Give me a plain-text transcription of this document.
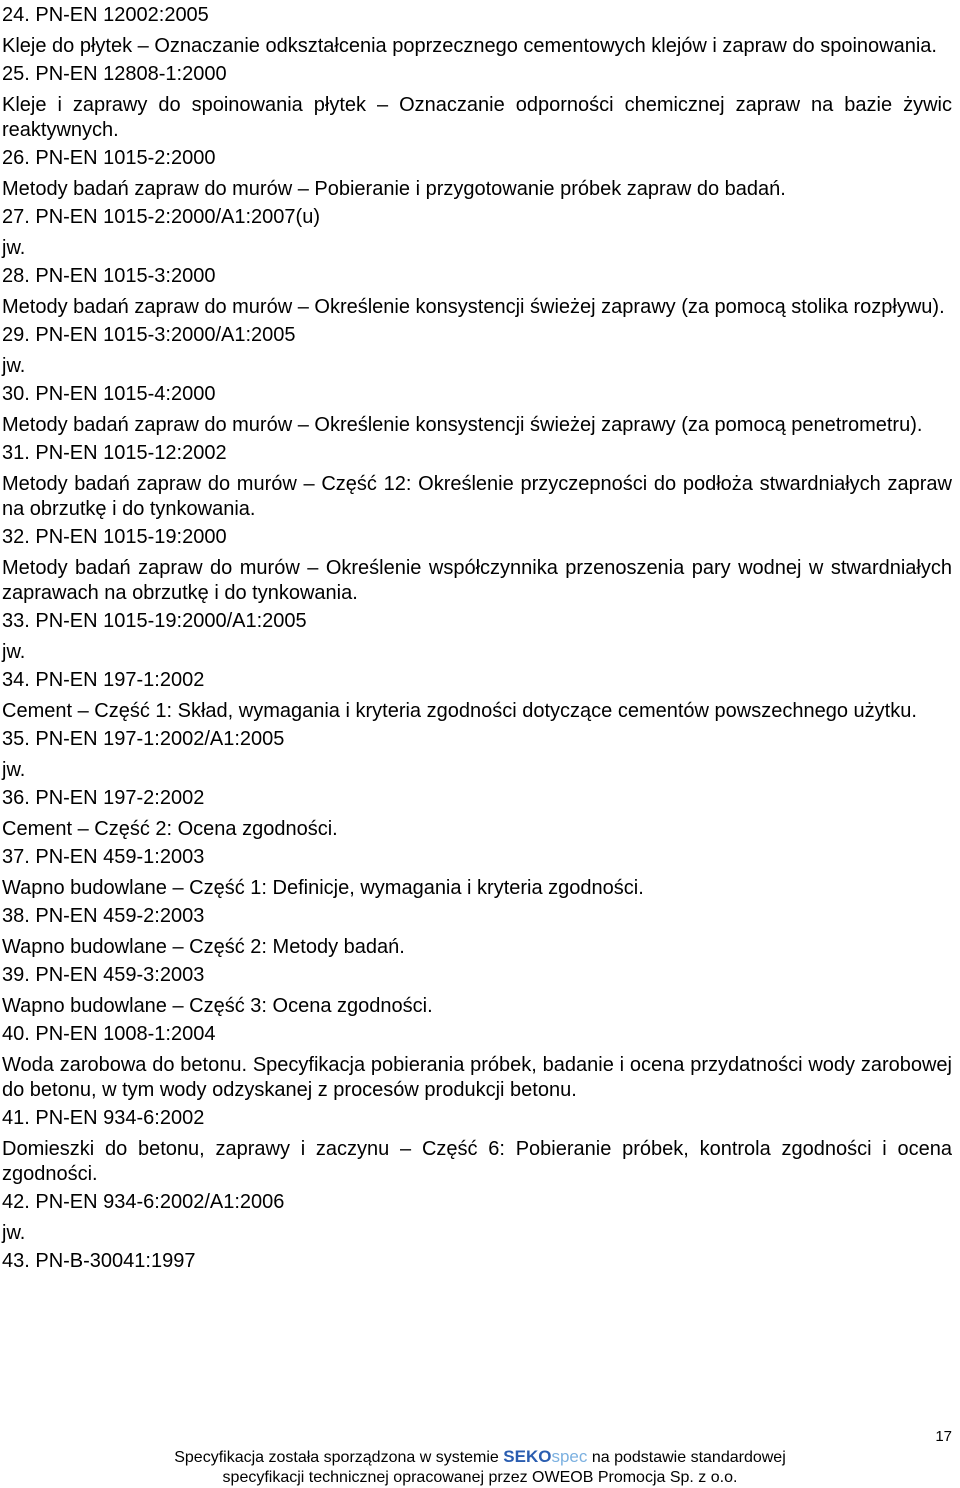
24. PN-EN 12002:2005
Kleje do płytek – Oznaczanie odkształcenia poprzecznego cementowych klejów i zapraw do spoinowania.
25. PN-EN 12808-1:2000
Kleje i zaprawy do spoinowania płytek – Oznaczanie odporności chemicznej zapraw na bazie żywic reaktywnych.
26. PN-EN 1015-2:2000
Metody badań zapraw do murów – Pobieranie i przygotowanie próbek zapraw do badań.
27. PN-EN 1015-2:2000/A1:2007(u)
jw.
28. PN-EN 1015-3:2000
Metody badań zapraw do murów – Określenie konsystencji świeżej zaprawy (za pomocą stolika rozpływu).
29. PN-EN 1015-3:2000/A1:2005
jw.
30. PN-EN 1015-4:2000
Metody badań zapraw do murów – Określenie konsystencji świeżej zaprawy (za pomocą penetrometru).
31. PN-EN 1015-12:2002
Metody badań zapraw do murów – Część 12: Określenie przyczepności do podłoża stwardniałych zapraw na obrzutkę i do tynkowania.
32. PN-EN 1015-19:2000
Metody badań zapraw do murów – Określenie współczynnika przenoszenia pary wodnej w stwardniałych zaprawach na obrzutkę i do tynkowania.
33. PN-EN 1015-19:2000/A1:2005
jw.
34. PN-EN 197-1:2002
Cement – Część 1: Skład, wymagania i kryteria zgodności dotyczące cementów powszechnego użytku.
35. PN-EN 197-1:2002/A1:2005
jw.
36. PN-EN 197-2:2002
Cement – Część 2: Ocena zgodności.
37. PN-EN 459-1:2003
Wapno budowlane – Część 1: Definicje, wymagania i kryteria zgodności.
38. PN-EN 459-2:2003
Wapno budowlane – Część 2: Metody badań.
39. PN-EN 459-3:2003
Wapno budowlane – Część 3: Ocena zgodności.
40. PN-EN 1008-1:2004
Woda zarobowa do betonu. Specyfikacja pobierania próbek, badanie i ocena przydatności wody zarobowej do betonu, w tym wody odzyskanej z procesów produkcji betonu.
41. PN-EN 934-6:2002
Domieszki do betonu, zaprawy i zaczynu – Część 6: Pobieranie próbek, kontrola zgodności i ocena zgodności.
42. PN-EN 934-6:2002/A1:2006
jw.
43. PN-B-30041:1997
17
Specyfikacja została sporządzona w systemie SEKOspec na podstawie standardowej
specyfikacji technicznej opracowanej przez OWEOB Promocja Sp. z o.o.
